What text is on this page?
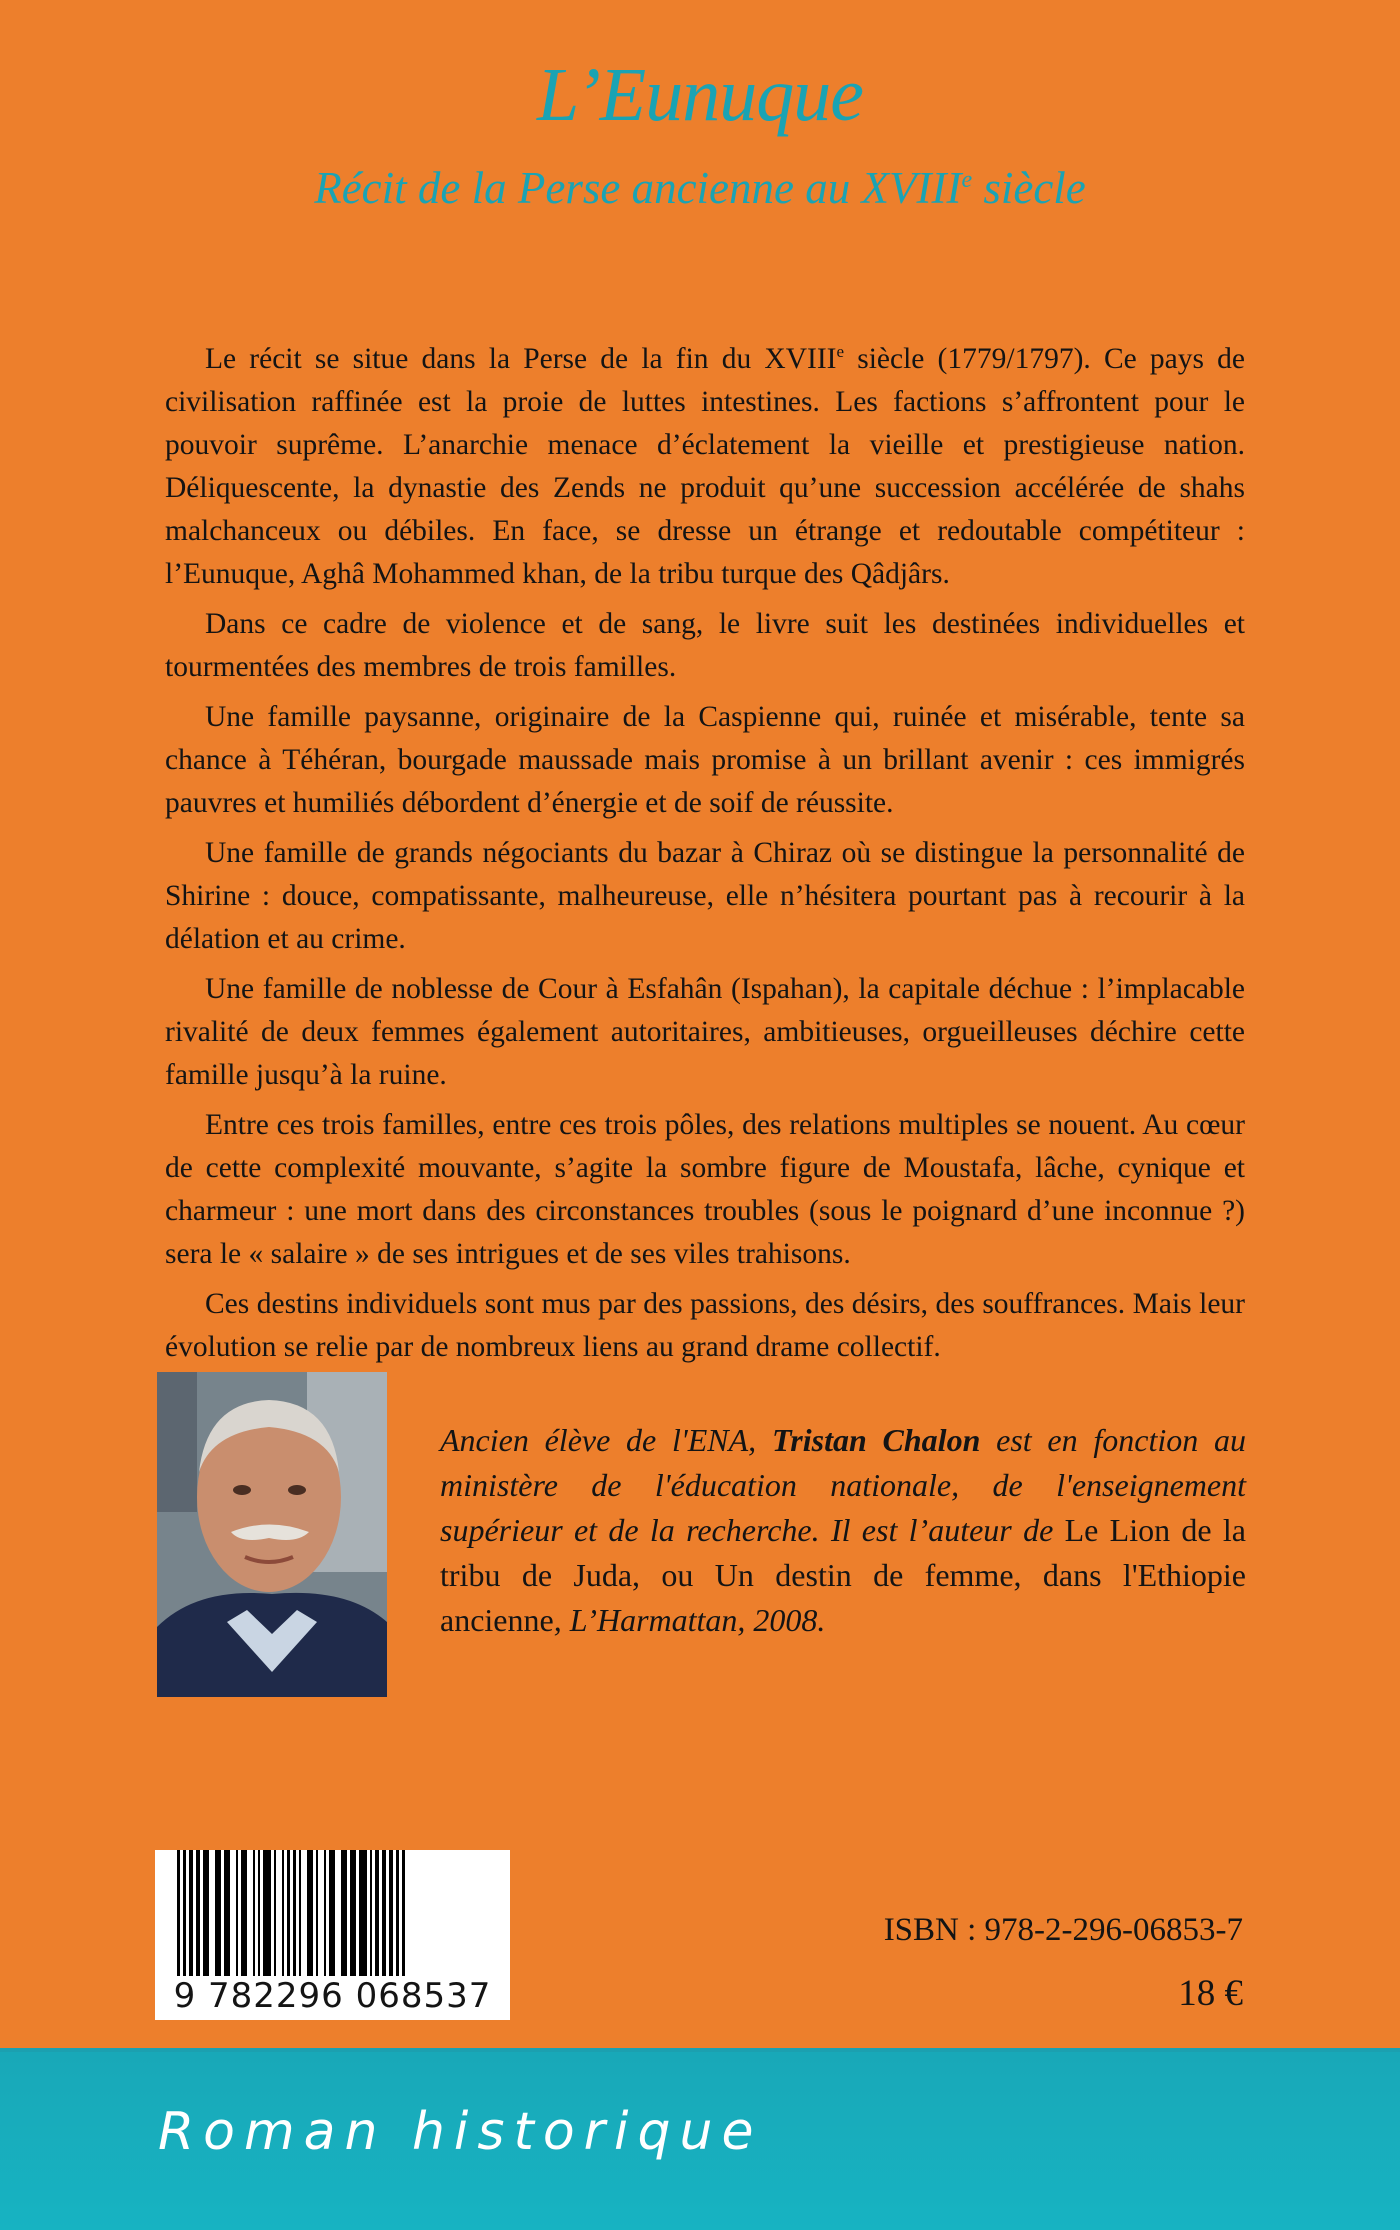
L’Eunuque
Récit de la Perse ancienne au XVIIIe siècle

Le récit se situe dans la Perse de la fin du XVIIIe siècle (1779/1797). Ce pays de civilisation raffinée est la proie de luttes intestines. Les factions s’affrontent pour le pouvoir suprême. L’anarchie menace d’éclatement la vieille et prestigieuse nation. Déliquescente, la dynastie des Zends ne produit qu’une succession accélérée de shahs malchanceux ou débiles. En face, se dresse un étrange et redoutable compétiteur : l’Eunuque, Aghâ Mohammed khan, de la tribu turque des Qâdjârs.

Dans ce cadre de violence et de sang, le livre suit les destinées individuelles et tourmentées des membres de trois familles.

Une famille paysanne, originaire de la Caspienne qui, ruinée et misérable, tente sa chance à Téhéran, bourgade maussade mais promise à un brillant avenir : ces immigrés pauvres et humiliés débordent d’énergie et de soif de réussite.

Une famille de grands négociants du bazar à Chiraz où se distingue la personnalité de Shirine : douce, compatissante, malheureuse, elle n’hésitera pourtant pas à recourir à la délation et au crime.

Une famille de noblesse de Cour à Esfahân (Ispahan), la capitale déchue : l’implacable rivalité de deux femmes également autoritaires, ambitieuses, orgueilleuses déchire cette famille jusqu’à la ruine.

Entre ces trois familles, entre ces trois pôles, des relations multiples se nouent. Au cœur de cette complexité mouvante, s’agite la sombre figure de Moustafa, lâche, cynique et charmeur : une mort dans des circonstances troubles (sous le poignard d’une inconnue ?) sera le « salaire » de ses intrigues et de ses viles trahisons.

Ces destins individuels sont mus par des passions, des désirs, des souffrances. Mais leur évolution se relie par de nombreux liens au grand drame collectif.

Ancien élève de l'ENA, Tristan Chalon est en fonction au ministère de l'éducation nationale, de l'enseignement supérieur et de la recherche. Il est l’auteur de Le Lion de la tribu de Juda, ou Un destin de femme, dans l'Ethiopie ancienne, L’Harmattan, 2008.

9 782296 068537
ISBN : 978-2-296-06853-7
18 €
Roman historique
